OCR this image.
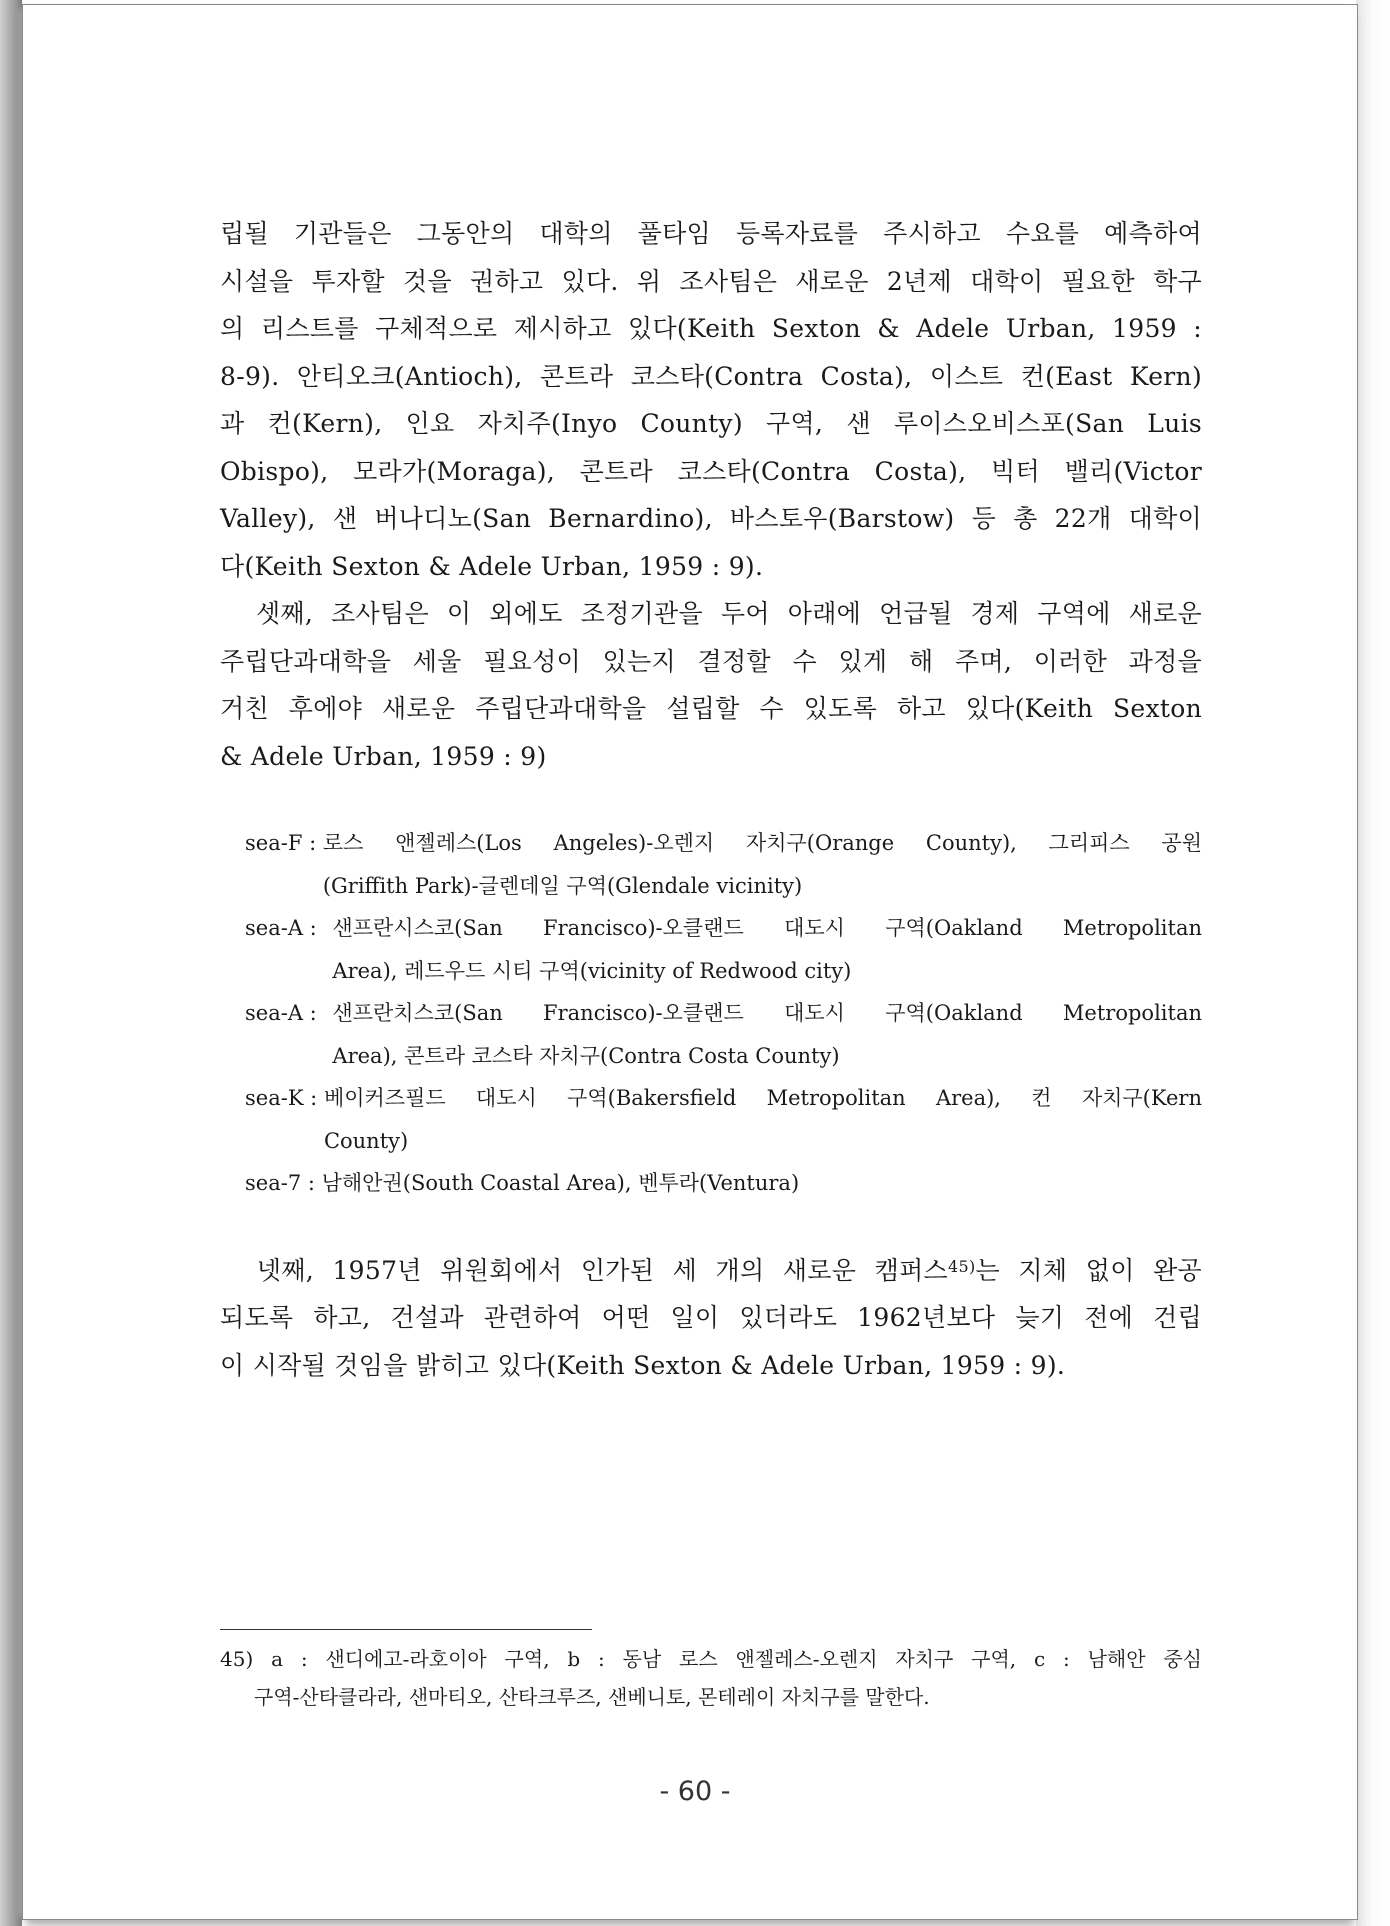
립될 기관들은 그동안의 대학의 풀타임 등록자료를 주시하고 수요를 예측하여
시설을 투자할 것을 권하고 있다. 위 조사팀은 새로운 2년제 대학이 필요한 학구
의 리스트를 구체적으로 제시하고 있다(Keith Sexton & Adele Urban, 1959 :
8-9). 안티오크(Antioch), 콘트라 코스타(Contra Costa), 이스트 컨(East Kern)
과 컨(Kern), 인요 자치주(Inyo County) 구역, 샌 루이스오비스포(San Luis
Obispo), 모라가(Moraga), 콘트라 코스타(Contra Costa), 빅터 밸리(Victor
Valley), 샌 버나디노(San Bernardino), 바스토우(Barstow) 등 총 22개 대학이
다(Keith Sexton & Adele Urban, 1959 : 9).

셋째, 조사팀은 이 외에도 조정기관을 두어 아래에 언급될 경제 구역에 새로운
주립단과대학을 세울 필요성이 있는지 결정할 수 있게 해 주며, 이러한 과정을
거친 후에야 새로운 주립단과대학을 설립할 수 있도록 하고 있다(Keith Sexton
& Adele Urban, 1959 : 9)

sea-F : 로스 앤젤레스(Los Angeles)-오렌지 자치구(Orange County), 그리피스 공원
(Griffith Park)-글렌데일 구역(Glendale vicinity)
sea-A : 샌프란시스코(San Francisco)-오클랜드 대도시 구역(Oakland Metropolitan
Area), 레드우드 시티 구역(vicinity of Redwood city)
sea-A : 샌프란치스코(San Francisco)-오클랜드 대도시 구역(Oakland Metropolitan
Area), 콘트라 코스타 자치구(Contra Costa County)
sea-K : 베이커즈필드 대도시 구역(Bakersfield Metropolitan Area), 컨 자치구(Kern
County)
sea-7 : 남해안권(South Coastal Area), 벤투라(Ventura)

넷째, 1957년 위원회에서 인가된 세 개의 새로운 캠퍼스$^{45)}$는 지체 없이 완공
되도록 하고, 건설과 관련하여 어떤 일이 있더라도 1962년보다 늦기 전에 건립
이 시작될 것임을 밝히고 있다(Keith Sexton & Adele Urban, 1959 : 9).

45) a : 샌디에고-라호이아 구역, b : 동남 로스 앤젤레스-오렌지 자치구 구역, c : 남해안 중심
구역-산타클라라, 샌마티오, 산타크루즈, 샌베니토, 몬테레이 자치구를 말한다.
- 60 -
